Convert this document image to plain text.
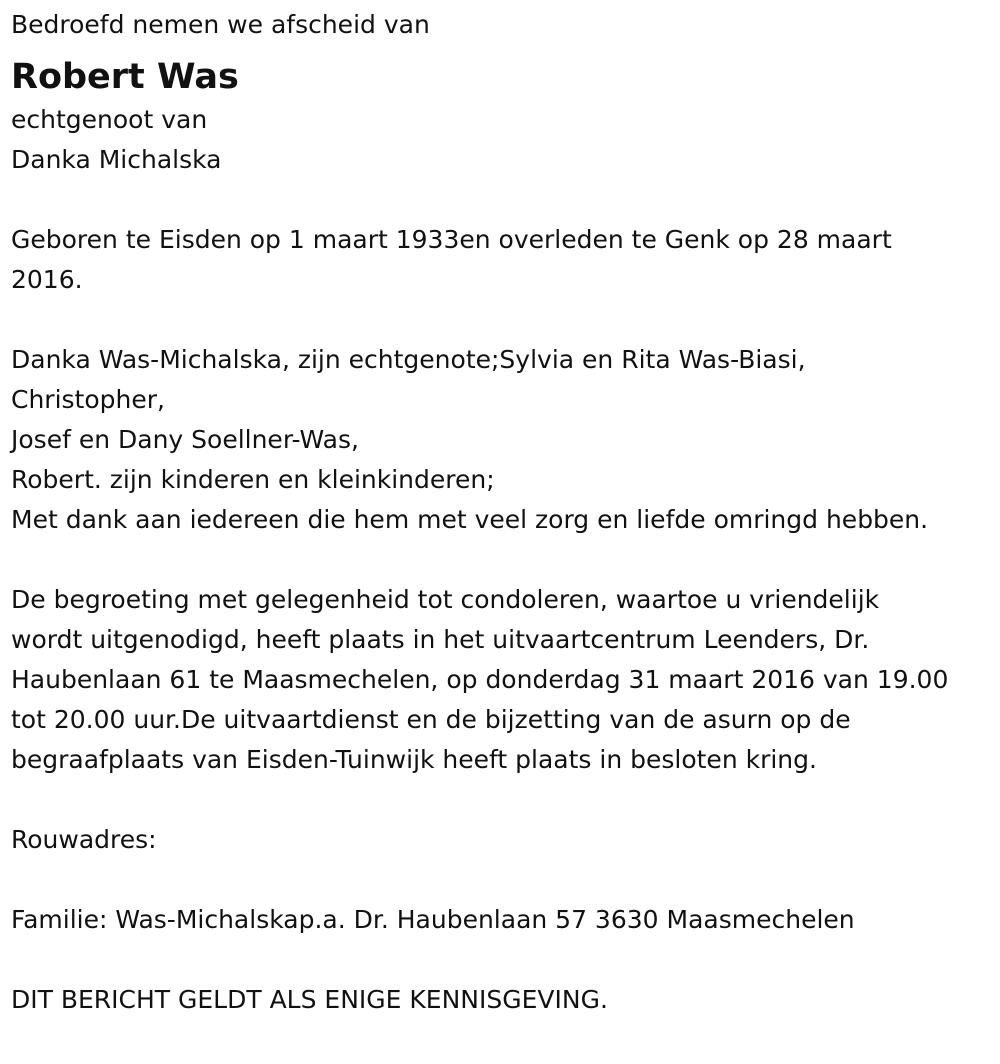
Bedroefd nemen we afscheid van
Robert Was
echtgenoot van
Danka Michalska
Geboren te Eisden op 1 maart 1933en overleden te Genk op 28 maart
2016.
Danka Was-Michalska, zijn echtgenote;Sylvia en Rita Was-Biasi,
Christopher,
Josef en Dany Soellner-Was,
Robert. zijn kinderen en kleinkinderen;
Met dank aan iedereen die hem met veel zorg en liefde omringd hebben.
De begroeting met gelegenheid tot condoleren, waartoe u vriendelijk
wordt uitgenodigd, heeft plaats in het uitvaartcentrum Leenders, Dr.
Haubenlaan 61 te Maasmechelen, op donderdag 31 maart 2016 van 19.00
tot 20.00 uur.De uitvaartdienst en de bijzetting van de asurn op de
begraafplaats van Eisden-Tuinwijk heeft plaats in besloten kring.
Rouwadres:
Familie: Was-Michalskap.a. Dr. Haubenlaan 57 3630 Maasmechelen
DIT BERICHT GELDT ALS ENIGE KENNISGEVING.
